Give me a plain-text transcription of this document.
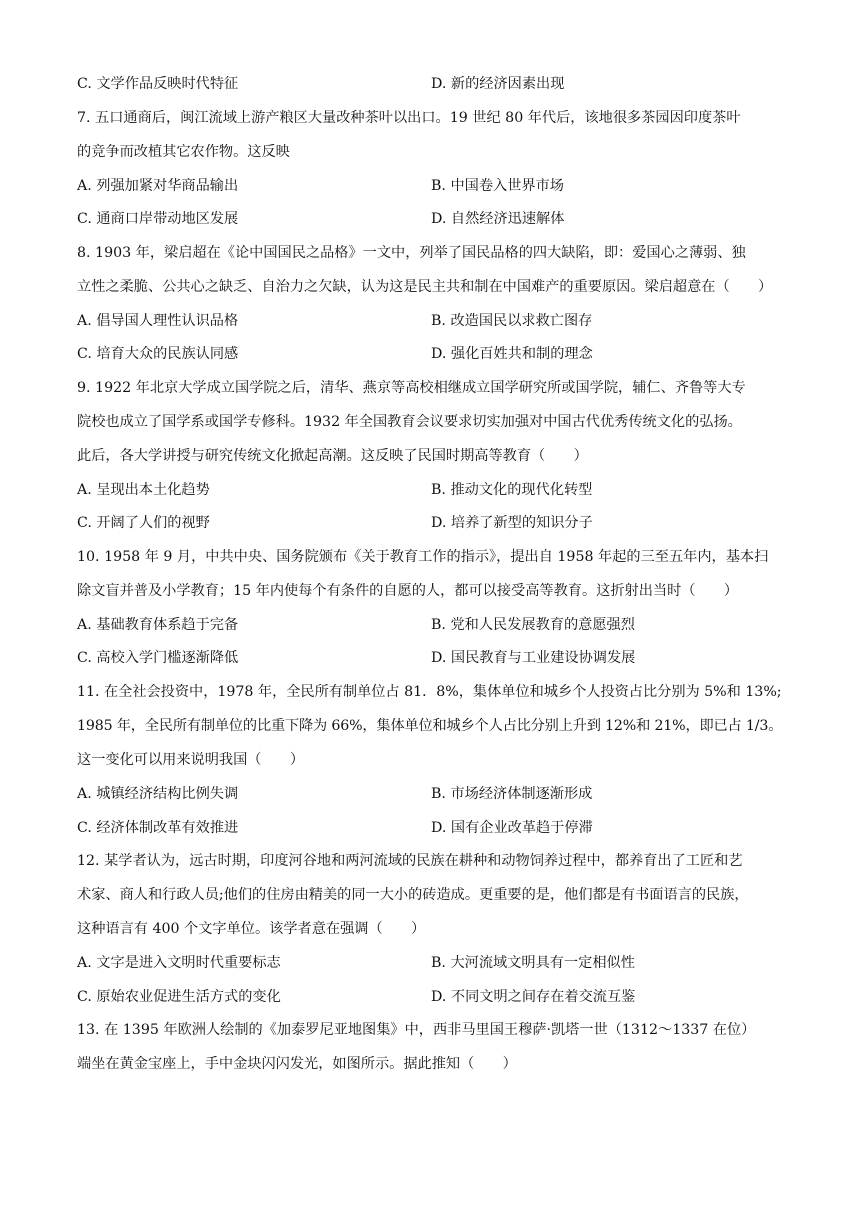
C. 文学作品反映时代特征	D. 新的经济因素出现
7. 五口通商后，闽江流域上游产粮区大量改种茶叶以出口。19 世纪 80 年代后，该地很多茶园因印度茶叶
的竞争而改植其它农作物。这反映
A. 列强加紧对华商品输出	B. 中国卷入世界市场
C. 通商口岸带动地区发展	D. 自然经济迅速解体
8. 1903 年，梁启超在《论中国国民之品格》一文中，列举了国民品格的四大缺陷，即：爱国心之薄弱、独
立性之柔脆、公共心之缺乏、自治力之欠缺，认为这是民主共和制在中国难产的重要原因。梁启超意在（　　）
A. 倡导国人理性认识品格	B. 改造国民以求救亡图存
C. 培育大众的民族认同感	D. 强化百姓共和制的理念
9. 1922 年北京大学成立国学院之后，清华、燕京等高校相继成立国学研究所或国学院，辅仁、齐鲁等大专
院校也成立了国学系或国学专修科。1932 年全国教育会议要求切实加强对中国古代优秀传统文化的弘扬。
此后，各大学讲授与研究传统文化掀起高潮。这反映了民国时期高等教育（　　）
A. 呈现出本土化趋势	B. 推动文化的现代化转型
C. 开阔了人们的视野	D. 培养了新型的知识分子
10. 1958 年 9 月，中共中央、国务院颁布《关于教育工作的指示》，提出自 1958 年起的三至五年内，基本扫
除文盲并普及小学教育；15 年内使每个有条件的自愿的人，都可以接受高等教育。这折射出当时（　　）
A. 基础教育体系趋于完备	B. 党和人民发展教育的意愿强烈
C. 高校入学门槛逐渐降低	D. 国民教育与工业建设协调发展
11. 在全社会投资中，1978 年，全民所有制单位占 81．8%，集体单位和城乡个人投资占比分别为 5%和 13%;
1985 年，全民所有制单位的比重下降为 66%，集体单位和城乡个人占比分别上升到 12%和 21%，即已占 1/3。
这一变化可以用来说明我国（　　）
A. 城镇经济结构比例失调	B. 市场经济体制逐渐形成
C. 经济体制改革有效推进	D. 国有企业改革趋于停滞
12. 某学者认为，远古时期，印度河谷地和两河流域的民族在耕种和动物饲养过程中，都养育出了工匠和艺
术家、商人和行政人员;他们的住房由精美的同一大小的砖造成。更重要的是，他们都是有书面语言的民族，
这种语言有 400 个文字单位。该学者意在强调（　　）
A. 文字是进入文明时代重要标志	B. 大河流域文明具有一定相似性
C. 原始农业促进生活方式的变化	D. 不同文明之间存在着交流互鉴
13. 在 1395 年欧洲人绘制的《加泰罗尼亚地图集》中，西非马里国王穆萨·凯塔一世（1312～1337 在位）
端坐在黄金宝座上，手中金块闪闪发光，如图所示。据此推知（　　）
